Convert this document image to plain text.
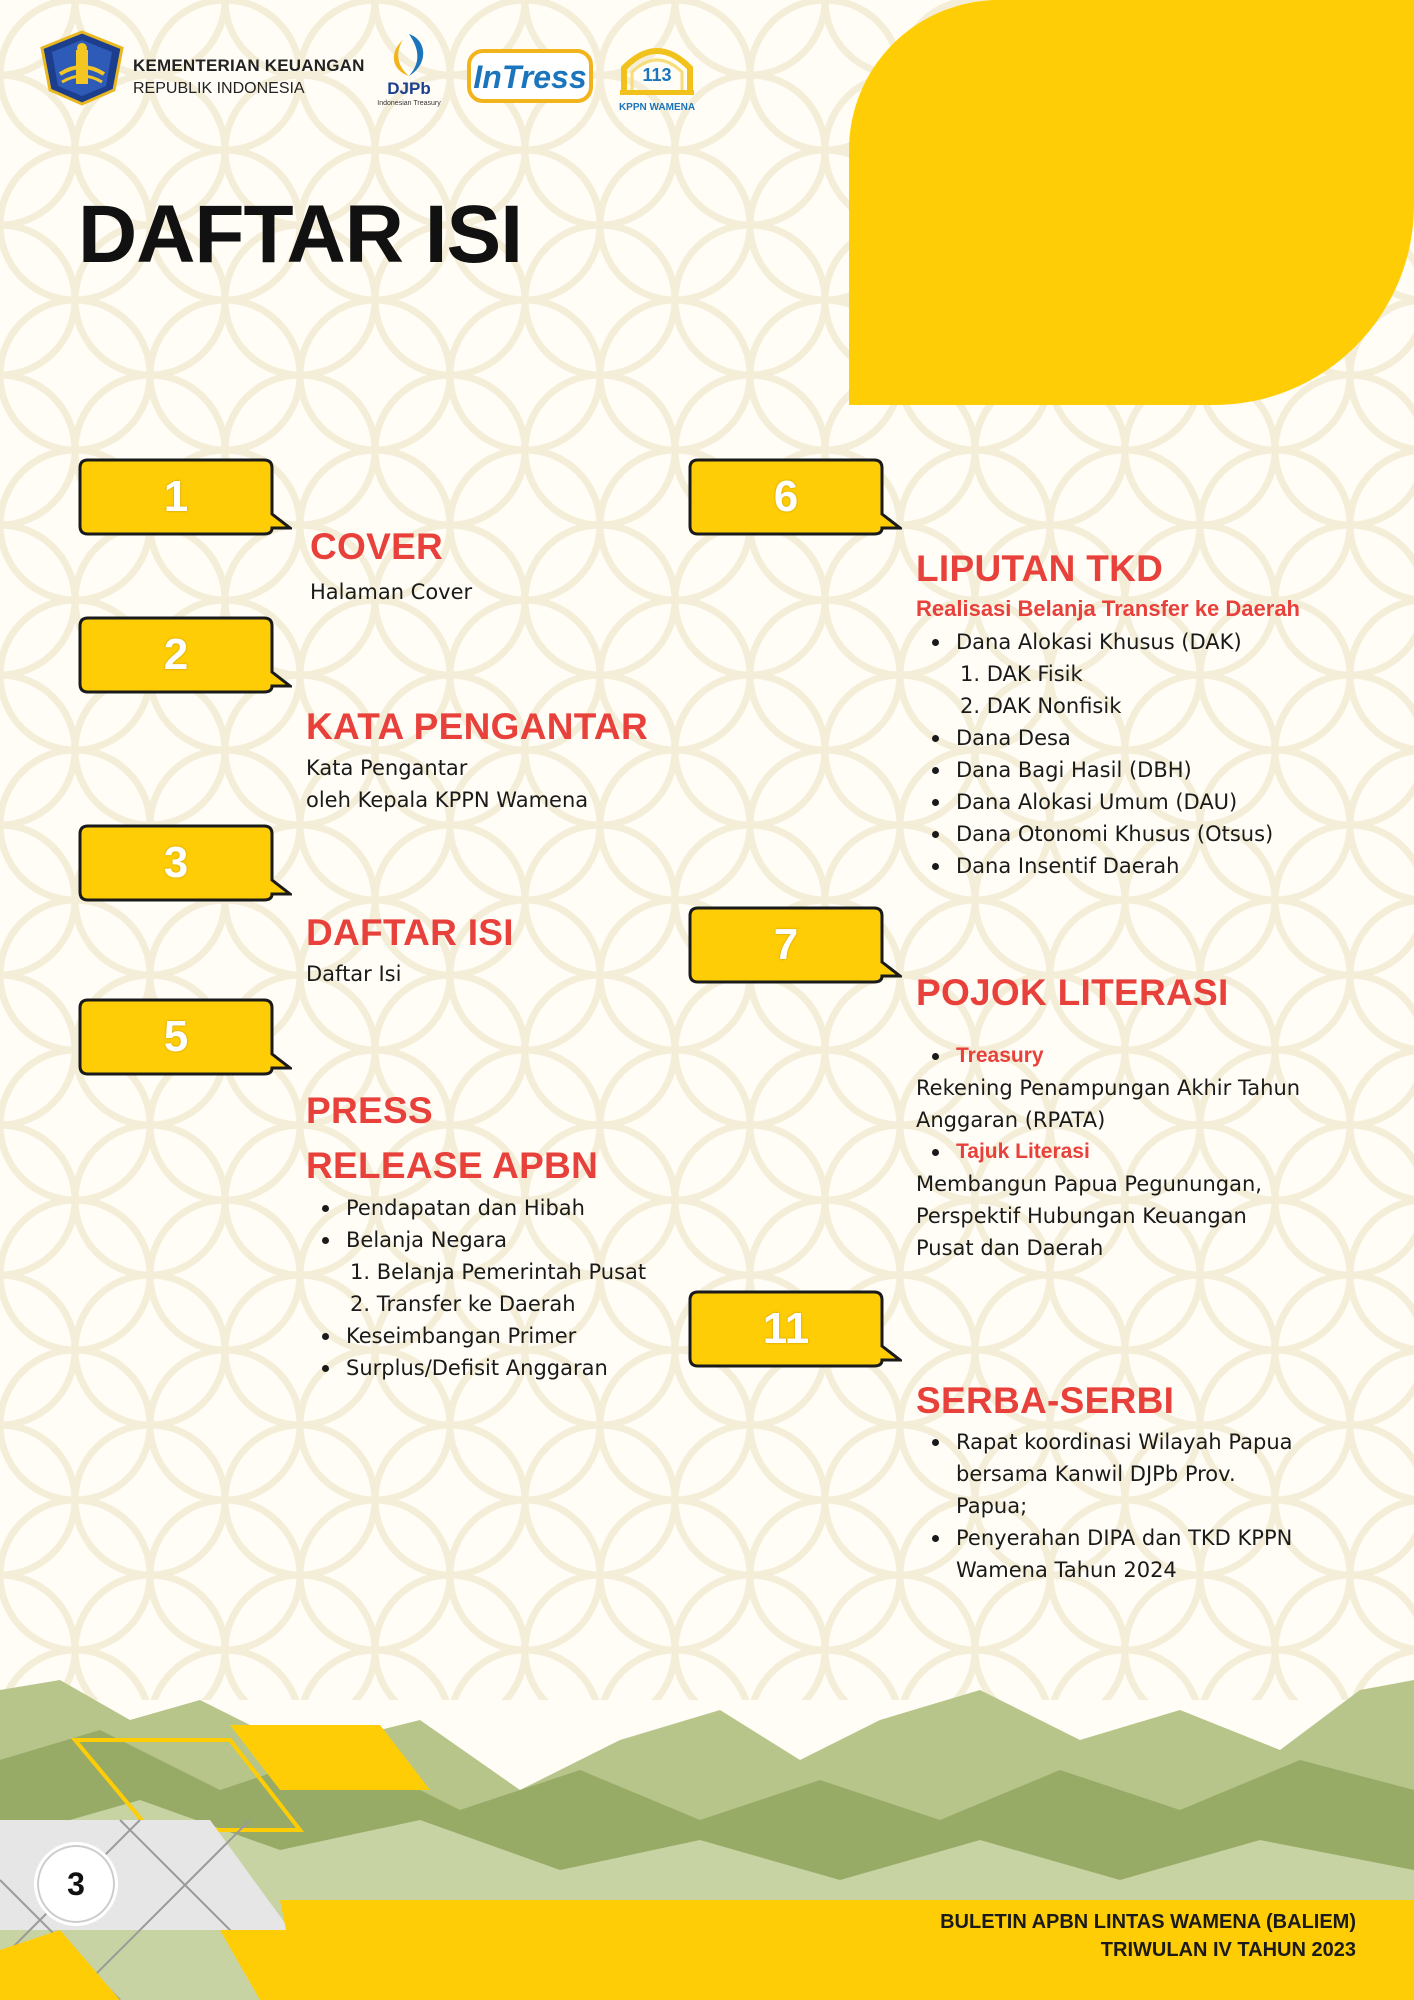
KEMENTERIAN KEUANGAN
REPUBLIK INDONESIA	DJPb
Indonesian Treasury
InTress	113
KPPN WAMENA
DAFTAR ISI
1
COVER
Halaman Cover
2
KATA PENGANTAR
Kata Pengantar
oleh Kepala KPPN Wamena
3
DAFTAR ISI
Daftar Isi
5
PRESS
RELEASE APBN
Pendapatan dan Hibah
Belanja Negara
1. Belanja Pemerintah Pusat
2. Transfer ke Daerah
Keseimbangan Primer
Surplus/Defisit Anggaran
6
LIPUTAN TKD
Realisasi Belanja Transfer ke Daerah
Dana Alokasi Khusus (DAK)
1. DAK Fisik
2. DAK Nonfisik
Dana Desa
Dana Bagi Hasil (DBH)
Dana Alokasi Umum (DAU)
Dana Otonomi Khusus (Otsus)
Dana Insentif Daerah
7
POJOK LITERASI
Treasury
Rekening Penampungan Akhir Tahun
Anggaran (RPATA)
Tajuk Literasi
Membangun Papua Pegunungan,
Perspektif Hubungan Keuangan
Pusat dan Daerah
11
SERBA-SERBI
Rapat koordinasi Wilayah Papua
bersama Kanwil DJPb Prov.
Papua;
Penyerahan DIPA dan TKD KPPN
Wamena Tahun 2024
3
BULETIN APBN LINTAS WAMENA (BALIEM)
TRIWULAN IV TAHUN 2023
